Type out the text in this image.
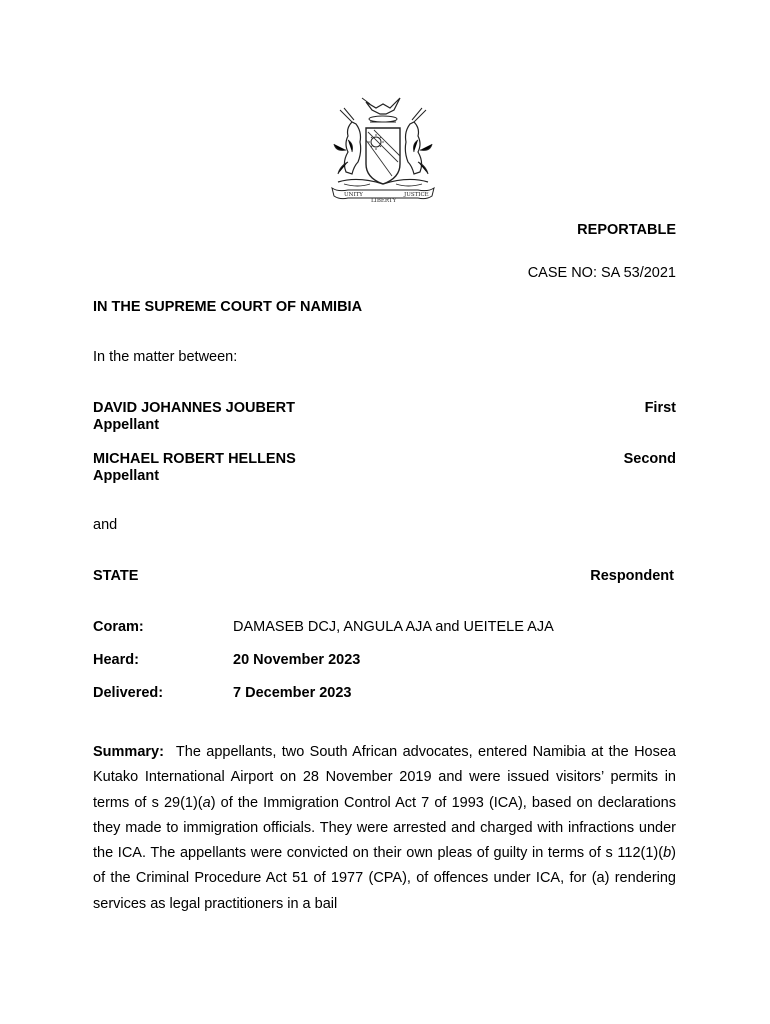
UNITY
LIBERTY
JUSTICE
REPORTABLE
CASE NO: SA 53/2021
IN THE SUPREME COURT OF NAMIBIA
In the matter between:
DAVID JOHANNES JOUBERT	First
Appellant
MICHAEL ROBERT HELLENS	Second
Appellant
and
STATE	Respondent
Coram:	DAMASEB DCJ, ANGULA AJA and UEITELE AJA
Heard:	20 November 2023
Delivered:	7 December 2023
Summary: The appellants, two South African advocates, entered Namibia at the Hosea Kutako International Airport on 28 November 2019 and were issued visitors’ permits in terms of s 29(1)(a) of the Immigration Control Act 7 of 1993 (ICA), based on declarations they made to immigration officials. They were arrested and charged with infractions under the ICA. The appellants were convicted on their own pleas of guilty in terms of s 112(1)(b) of the Criminal Procedure Act 51 of 1977 (CPA), of offences under ICA, for (a) rendering services as legal practitioners in a bail
